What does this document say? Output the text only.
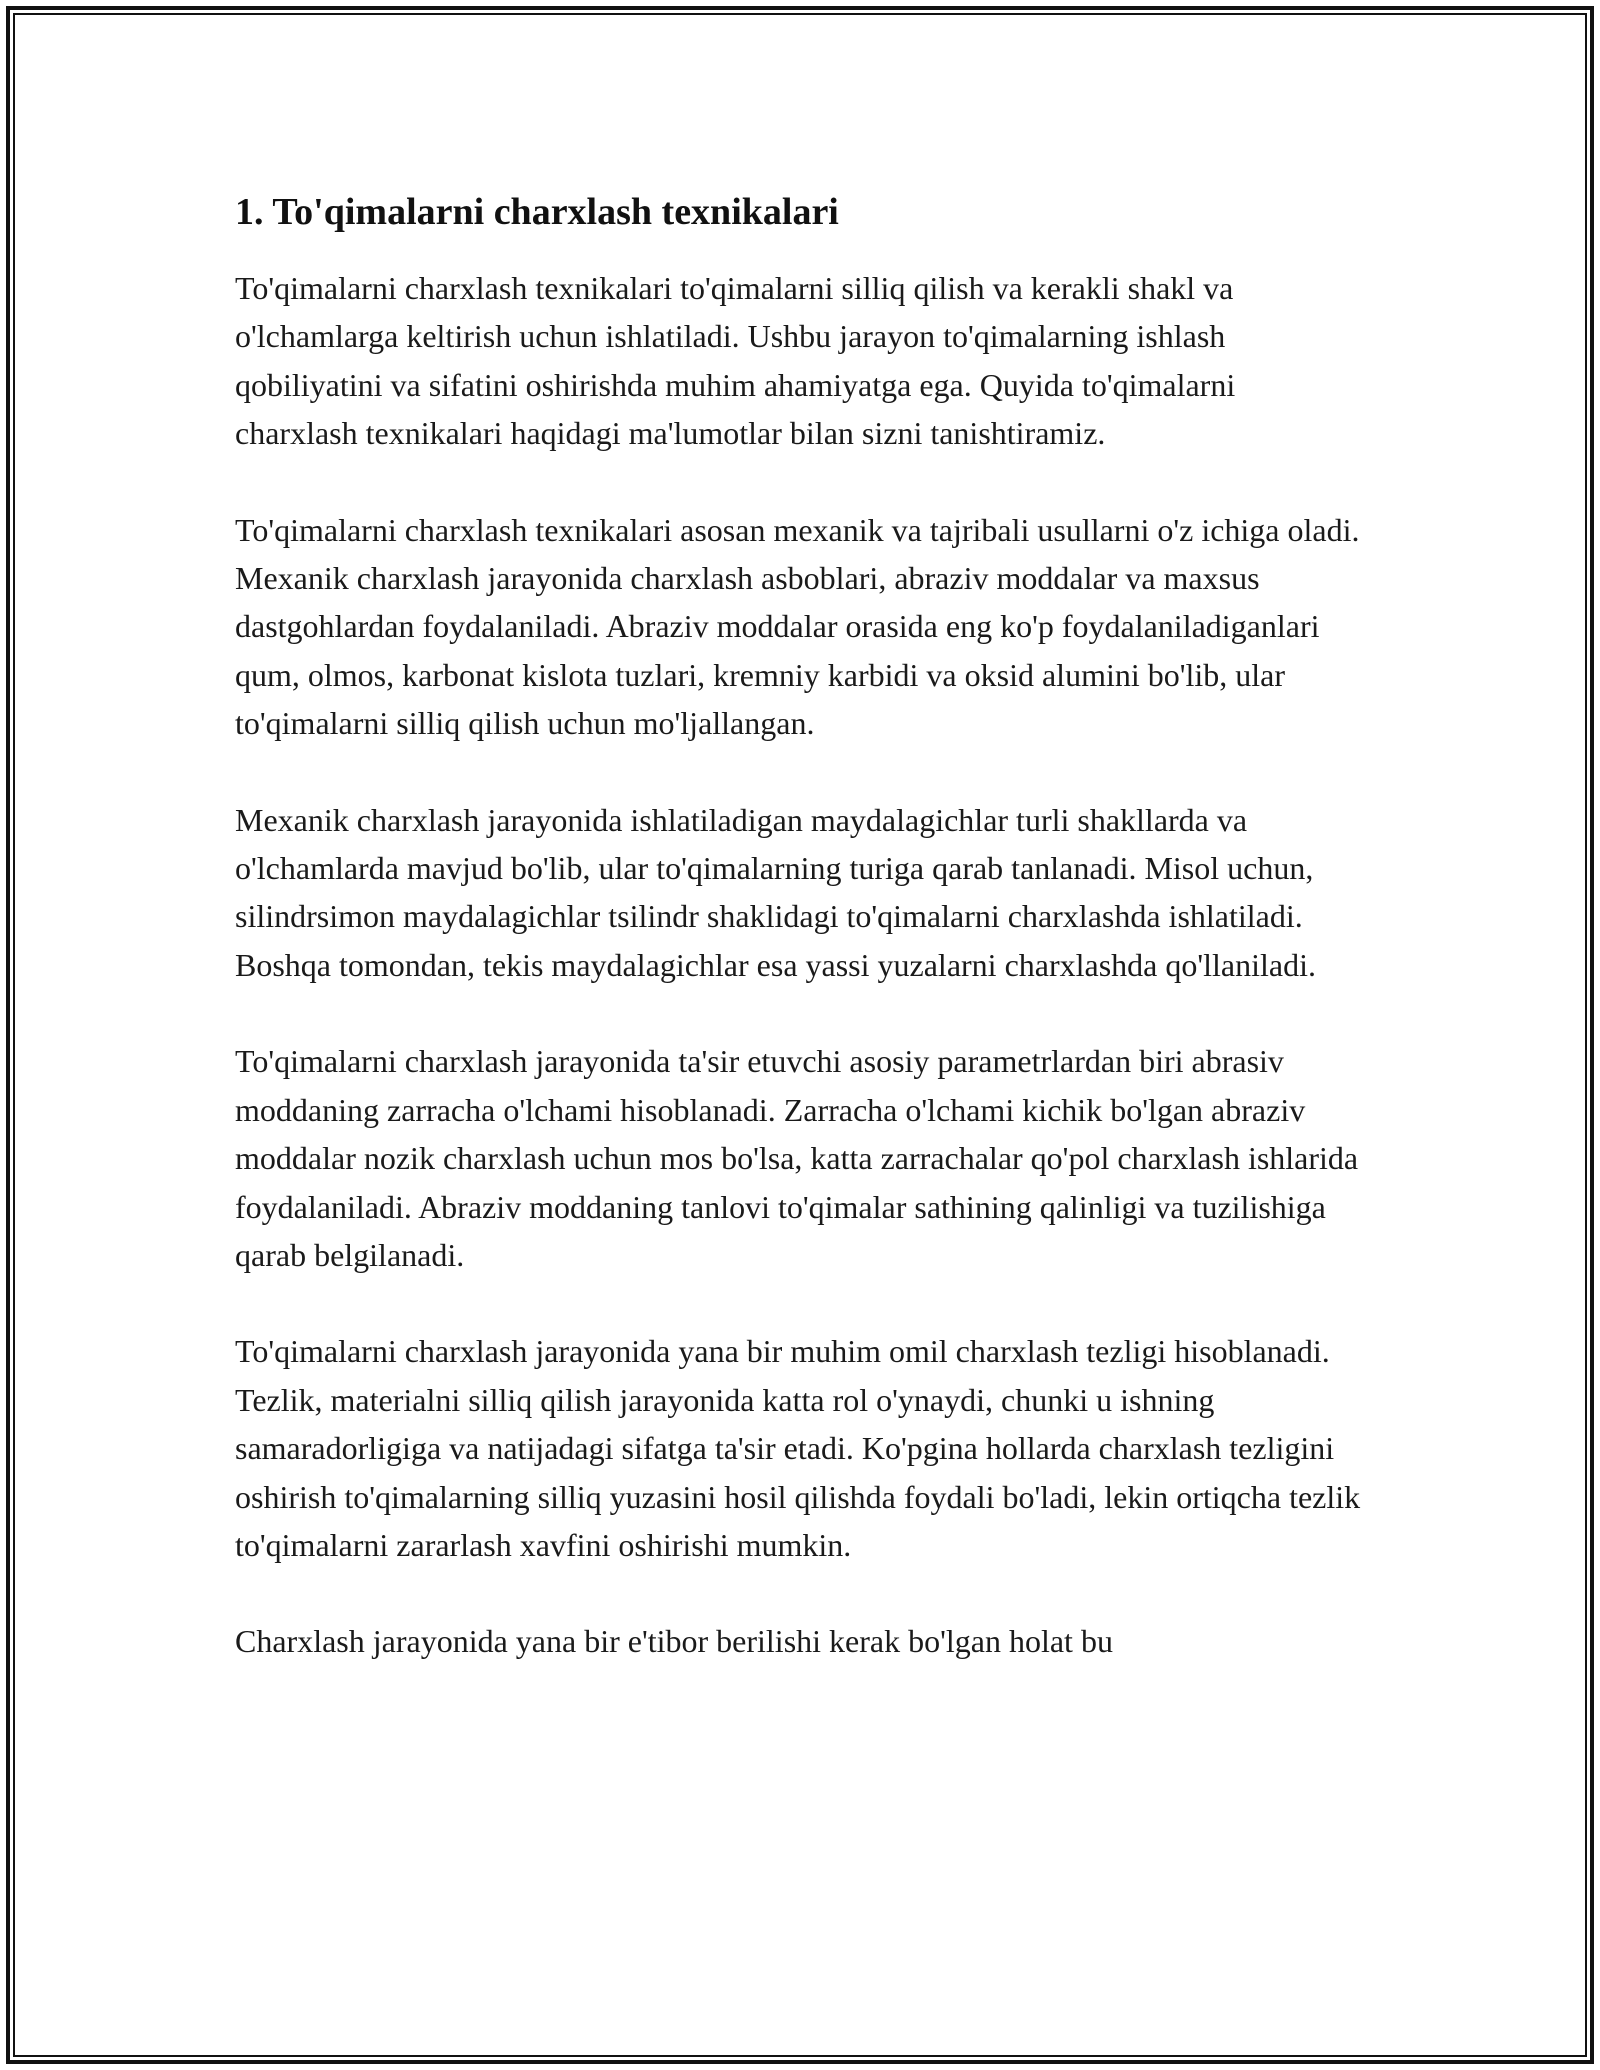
1. To'qimalarni charxlash texnikalari

To'qimalarni charxlash texnikalari to'qimalarni silliq qilish va kerakli shakl va o'lchamlarga keltirish uchun ishlatiladi. Ushbu jarayon to'qimalarning ishlash qobiliyatini va sifatini oshirishda muhim ahamiyatga ega. Quyida to'qimalarni charxlash texnikalari haqidagi ma'lumotlar bilan sizni tanishtiramiz.

To'qimalarni charxlash texnikalari asosan mexanik va tajribali usullarni o'z ichiga oladi. Mexanik charxlash jarayonida charxlash asboblari, abraziv moddalar va maxsus dastgohlardan foydalaniladi. Abraziv moddalar orasida eng ko'p foydalaniladiganlari qum, olmos, karbonat kislota tuzlari, kremniy karbidi va oksid alumini bo'lib, ular to'qimalarni silliq qilish uchun mo'ljallangan.

Mexanik charxlash jarayonida ishlatiladigan maydalagichlar turli shakllarda va o'lchamlarda mavjud bo'lib, ular to'qimalarning turiga qarab tanlanadi. Misol uchun, silindrsimon maydalagichlar tsilindr shaklidagi to'qimalarni charxlashda ishlatiladi. Boshqa tomondan, tekis maydalagichlar esa yassi yuzalarni charxlashda qo'llaniladi.

To'qimalarni charxlash jarayonida ta'sir etuvchi asosiy parametrlardan biri abrasiv moddaning zarracha o'lchami hisoblanadi. Zarracha o'lchami kichik bo'lgan abraziv moddalar nozik charxlash uchun mos bo'lsa, katta zarrachalar qo'pol charxlash ishlarida foydalaniladi. Abraziv moddaning tanlovi to'qimalar sathining qalinligi va tuzilishiga qarab belgilanadi.

To'qimalarni charxlash jarayonida yana bir muhim omil charxlash tezligi hisoblanadi. Tezlik, materialni silliq qilish jarayonida katta rol o'ynaydi, chunki u ishning samaradorligiga va natijadagi sifatga ta'sir etadi. Ko'pgina hollarda charxlash tezligini oshirish to'qimalarning silliq yuzasini hosil qilishda foydali bo'ladi, lekin ortiqcha tezlik to'qimalarni zararlash xavfini oshirishi mumkin.

Charxlash jarayonida yana bir e'tibor berilishi kerak bo'lgan holat bu
